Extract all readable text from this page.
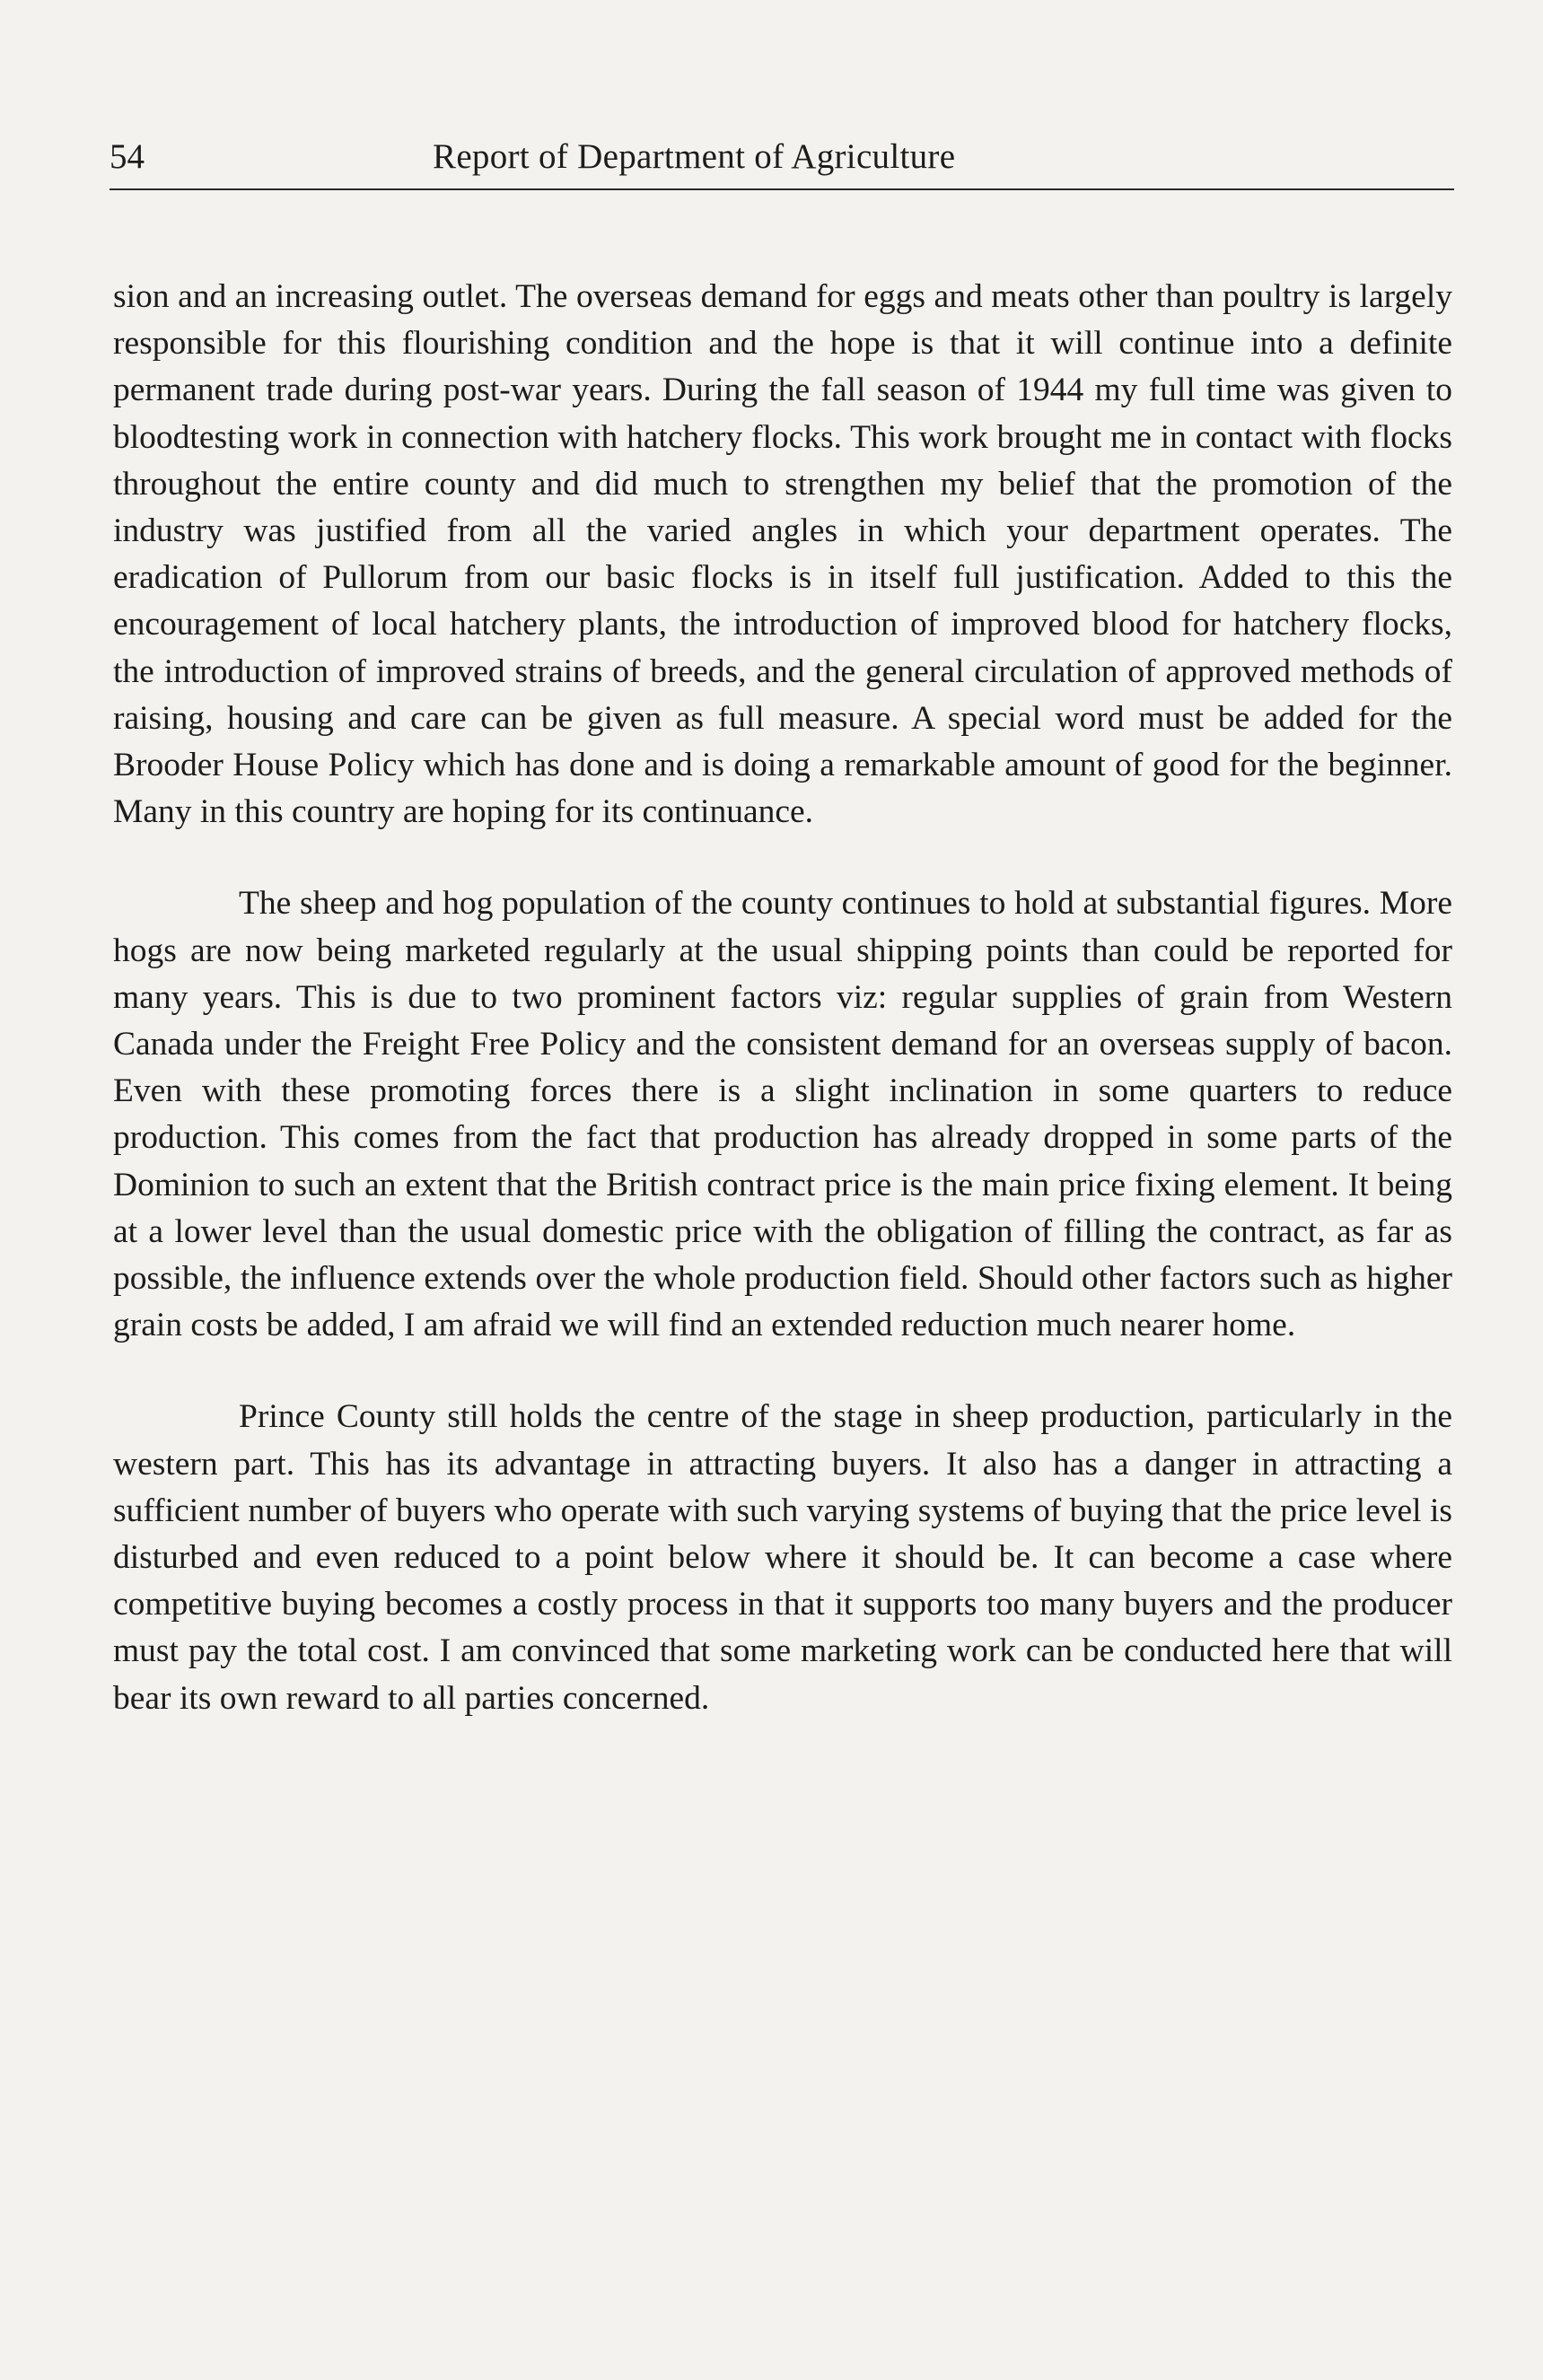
54	Report of Department of Agriculture

sion and an increasing outlet. The overseas demand for eggs and meats other than poultry is largely responsible for this flourishing condition and the hope is that it will continue into a definite permanent trade during post-war years. During the fall season of 1944 my full time was given to bloodtesting work in connection with hatchery flocks. This work brought me in contact with flocks throughout the entire county and did much to strengthen my belief that the promotion of the industry was justified from all the varied angles in which your department operates. The eradication of Pullorum from our basic flocks is in itself full justification. Added to this the encouragement of local hatchery plants, the introduction of improved blood for hatchery flocks, the introduction of improved strains of breeds, and the general circulation of approved methods of raising, housing and care can be given as full measure. A special word must be added for the Brooder House Policy which has done and is doing a remarkable amount of good for the beginner. Many in this country are hoping for its continuance.

The sheep and hog population of the county continues to hold at substantial figures. More hogs are now being marketed regularly at the usual shipping points than could be reported for many years. This is due to two prominent factors viz: regular supplies of grain from Western Canada under the Freight Free Policy and the consistent demand for an overseas supply of bacon. Even with these promoting forces there is a slight inclination in some quarters to reduce production. This comes from the fact that production has already dropped in some parts of the Dominion to such an extent that the British contract price is the main price fixing element. It being at a lower level than the usual domestic price with the obligation of filling the contract, as far as possible, the influence extends over the whole production field. Should other factors such as higher grain costs be added, I am afraid we will find an extended reduction much nearer home.

Prince County still holds the centre of the stage in sheep production, particularly in the western part. This has its advantage in attracting buyers. It also has a danger in attracting a sufficient number of buyers who operate with such varying systems of buying that the price level is disturbed and even reduced to a point below where it should be. It can become a case where competitive buying becomes a costly process in that it supports too many buyers and the producer must pay the total cost. I am convinced that some marketing work can be conducted here that will bear its own reward to all parties concerned.
